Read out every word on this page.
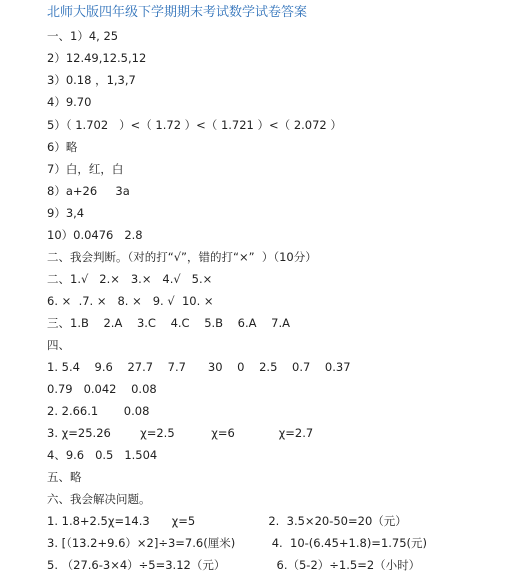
北师大版四年级下学期期末考试数学试卷答案
一、1）4, 25
2）12.49,12.5,12
3）0.18 ，1,3,7
4）9.70
5）（ 1.702   ）<（ 1.72 ）<（ 1.721 ）<（ 2.072 ）
6）略
7）白，红，白
8）a+26     3a
9）3,4
10）0.0476   2.8
二、我会判断。（对的打“√”，错的打“×”  ）（10分）
二、1.√   2.×   3.×   4.√   5.×
6. ×  .7. ×   8. ×   9. √  10. ×
三、1.B    2.A    3.C    4.C    5.B    6.A    7.A
四、
1. 5.4    9.6    27.7    7.7      30    0    2.5    0.7    0.37
0.79   0.042    0.08
2. 2.66.1       0.08
3. χ=25.26        χ=2.5          χ=6            χ=2.7
4、9.6   0.5   1.504
五、略
六、我会解决问题。
1. 1.8+2.5χ=14.3      χ=5                    2.  3.5×20-50=20（元）
3. [（13.2+9.6）×2]÷3=7.6(厘米)          4.  10-(6.45+1.8)=1.75(元)
5. （27.6-3×4）÷5=3.12（元）              6.（5-2）÷1.5=2（小时）
